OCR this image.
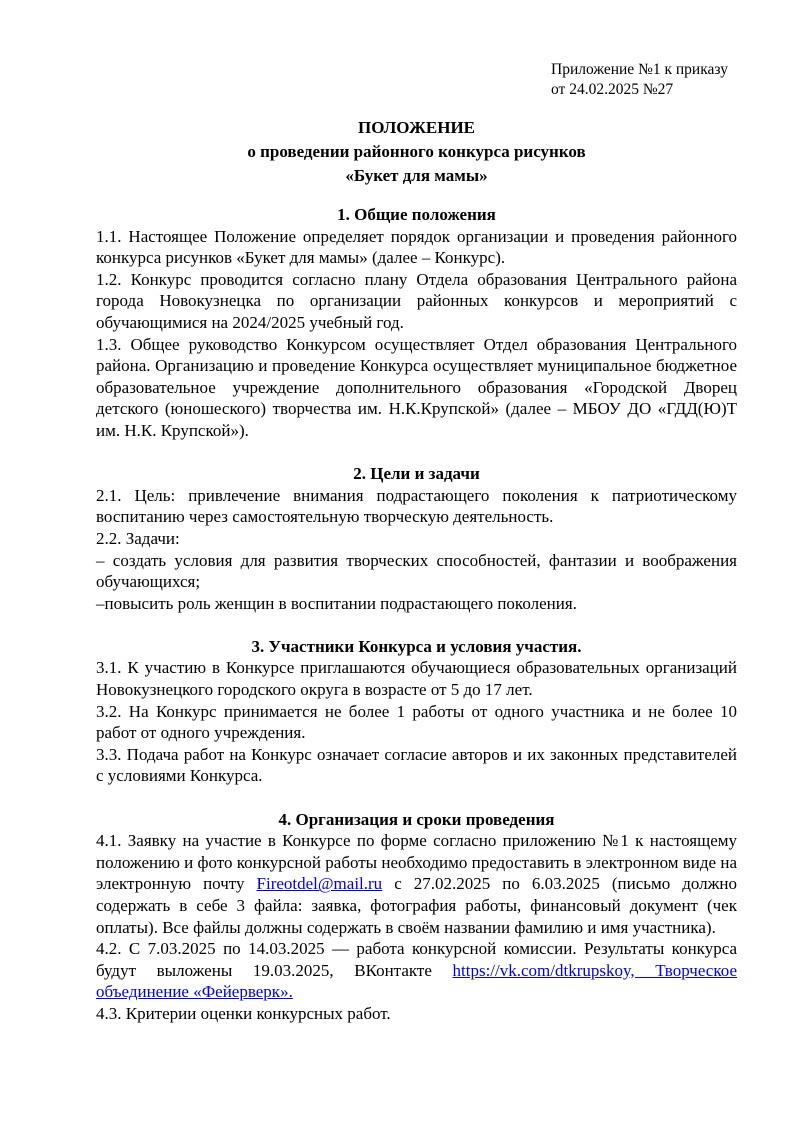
Приложение №1 к приказу
от 24.02.2025 №27
ПОЛОЖЕНИЕ
о проведении районного конкурса рисунков
«Букет для мамы»

1. Общие положения

1.1. Настоящее Положение определяет порядок организации и проведения районного конкурса рисунков «Букет для мамы» (далее – Конкурс).

1.2. Конкурс проводится согласно плану Отдела образования Центрального района города Новокузнецка по организации районных конкурсов и мероприятий с обучающимися на 2024/2025 учебный год.

1.3. Общее руководство Конкурсом осуществляет Отдел образования Центрального района. Организацию и проведение Конкурса осуществляет муниципальное бюджетное образовательное учреждение дополнительного образования «Городской Дворец детского (юношеского) творчества им. Н.К.Крупской» (далее – МБОУ ДО «ГДД(Ю)Т им. Н.К. Крупской»).

2. Цели и задачи

2.1. Цель: привлечение внимания подрастающего поколения к патриотическому воспитанию через самостоятельную творческую деятельность.

2.2. Задачи:

– создать условия для развития творческих способностей, фантазии и воображения обучающихся;

–повысить роль женщин в воспитании подрастающего поколения.

3. Участники Конкурса и условия участия.

3.1. К участию в Конкурсе приглашаются обучающиеся образовательных организаций Новокузнецкого городского округа в возрасте от 5 до 17 лет.

3.2. На Конкурс принимается не более 1 работы от одного участника и не более 10 работ от одного учреждения.

3.3. Подача работ на Конкурс означает согласие авторов и их законных представителей с условиями Конкурса.

4. Организация и сроки проведения

4.1. Заявку на участие в Конкурсе по форме согласно приложению №1 к настоящему положению и фото конкурсной работы необходимо предоставить в электронном виде на электронную почту Fireotdel@mail.ru с 27.02.2025 по 6.03.2025 (письмо должно содержать в себе 3 файла: заявка, фотография работы, финансовый документ (чек оплаты). Все файлы должны содержать в своём названии фамилию и имя участника).

4.2. С 7.03.2025 по 14.03.2025 — работа конкурсной комиссии. Результаты конкурса будут выложены 19.03.2025, ВКонтакте https://vk.com/dtkrupskoy, Творческое объединение «Фейерверк».

4.3. Критерии оценки конкурсных работ.
